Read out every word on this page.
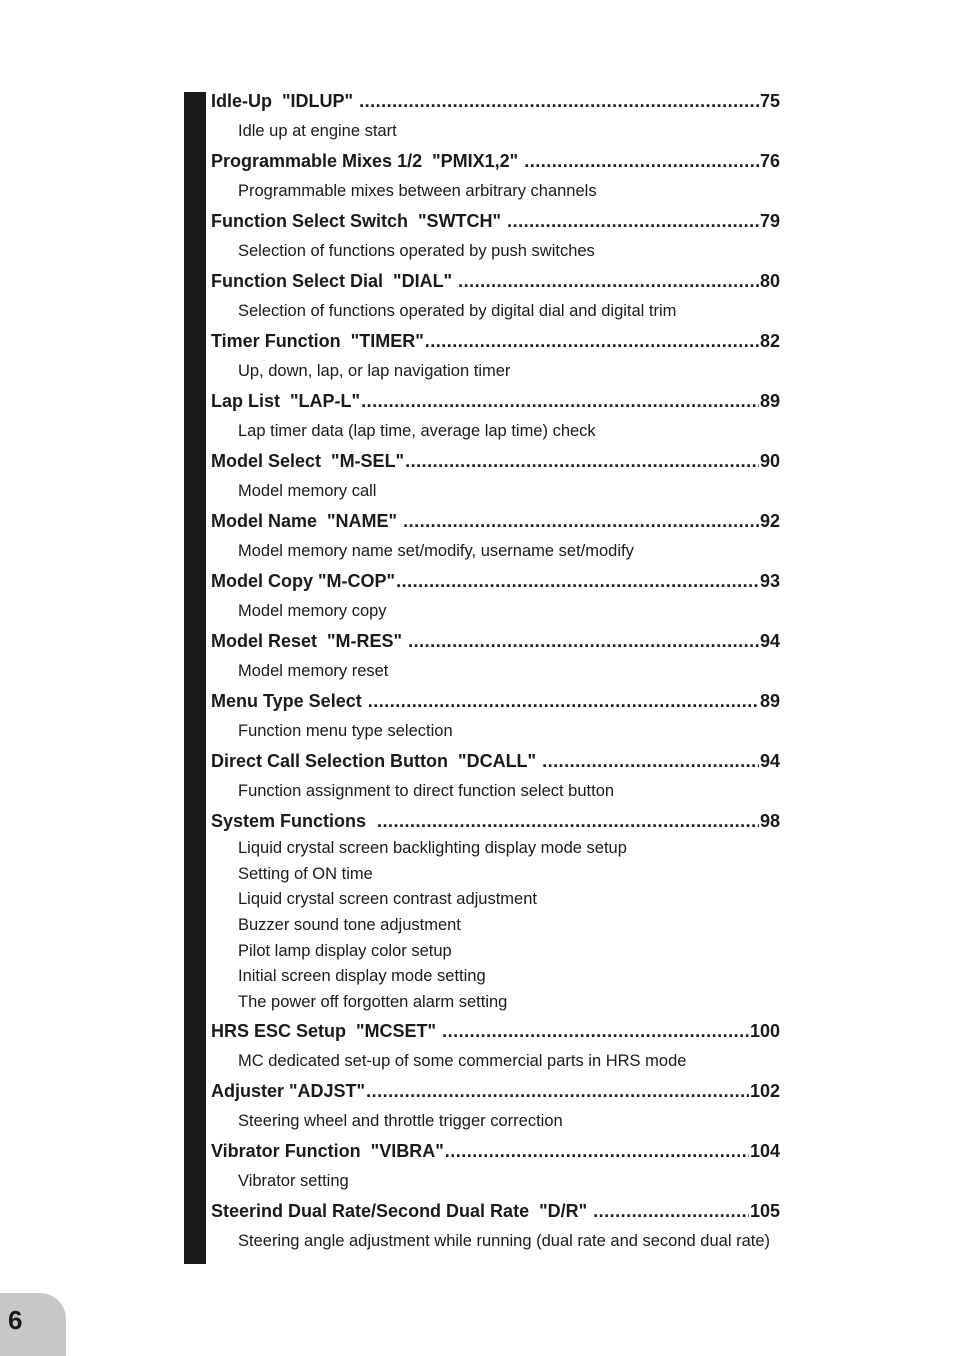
Idle-Up  "IDLUP" .....	75
Idle up at engine start
Programmable Mixes 1/2  "PMIX1,2" .....	76
Programmable mixes between arbitrary channels
Function Select Switch  "SWTCH" .....	79
Selection of functions operated by push switches
Function Select Dial  "DIAL" .....	80
Selection of functions operated by digital dial and digital trim
Timer Function  "TIMER" .....	82
Up, down, lap, or lap navigation timer
Lap List  "LAP-L" .....	89
Lap timer data (lap time, average lap time) check
Model Select  "M-SEL" .....	90
Model memory call
Model Name  "NAME" .....	92
Model memory name set/modify, username set/modify
Model Copy "M-COP" .....	93
Model memory copy
Model Reset  "M-RES" .....	94
Model memory reset
Menu Type Select .....	89
Function menu type selection
Direct Call Selection Button  "DCALL" .....	94
Function assignment to direct function select button
System Functions .....	98
Liquid crystal screen backlighting display mode setup
Setting of ON time
Liquid crystal screen contrast adjustment
Buzzer sound tone adjustment
Pilot lamp display color setup
Initial screen display mode setting
The power off forgotten alarm setting
HRS ESC Setup  "MCSET" .....	100
MC dedicated set-up of some commercial parts in HRS mode
Adjuster "ADJST" .....	102
Steering wheel and throttle trigger correction
Vibrator Function  "VIBRA" .....	104
Vibrator setting
Steerind Dual Rate/Second Dual Rate  "D/R" .....	105
Steering angle adjustment while running (dual rate and second dual rate)
6
